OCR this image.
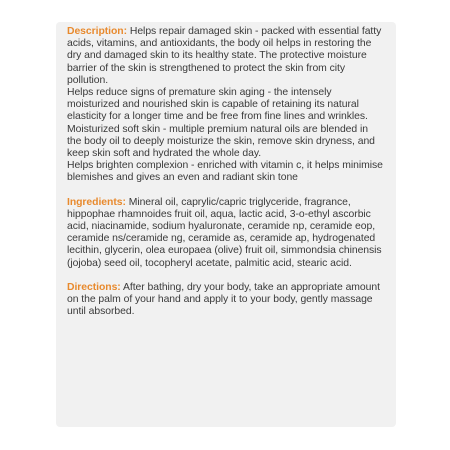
Description: Helps repair damaged skin - packed with essential fatty acids, vitamins, and antioxidants, the body oil helps in restoring the dry and damaged skin to its healthy state. The protective moisture barrier of the skin is strengthened to protect the skin from city pollution.

Helps reduce signs of premature skin aging - the intensely moisturized and nourished skin is capable of retaining its natural elasticity for a longer time and be free from fine lines and wrinkles.

Moisturized soft skin - multiple premium natural oils are blended in the body oil to deeply moisturize the skin, remove skin dryness, and keep skin soft and hydrated the whole day.

Helps brighten complexion - enriched with vitamin c, it helps minimise blemishes and gives an even and radiant skin tone

Ingredients: Mineral oil, caprylic/capric triglyceride, fragrance, hippophae rhamnoides fruit oil, aqua, lactic acid, 3-o-ethyl ascorbic acid, niacinamide, sodium hyaluronate, ceramide np, ceramide eop, ceramide ns/ceramide ng, ceramide as, ceramide ap, hydrogenated lecithin, glycerin, olea europaea (olive) fruit oil, simmondsia chinensis (jojoba) seed oil, tocopheryl acetate, palmitic acid, stearic acid.

Directions: After bathing, dry your body, take an appropriate amount on the palm of your hand and apply it to your body, gently massage until absorbed.
